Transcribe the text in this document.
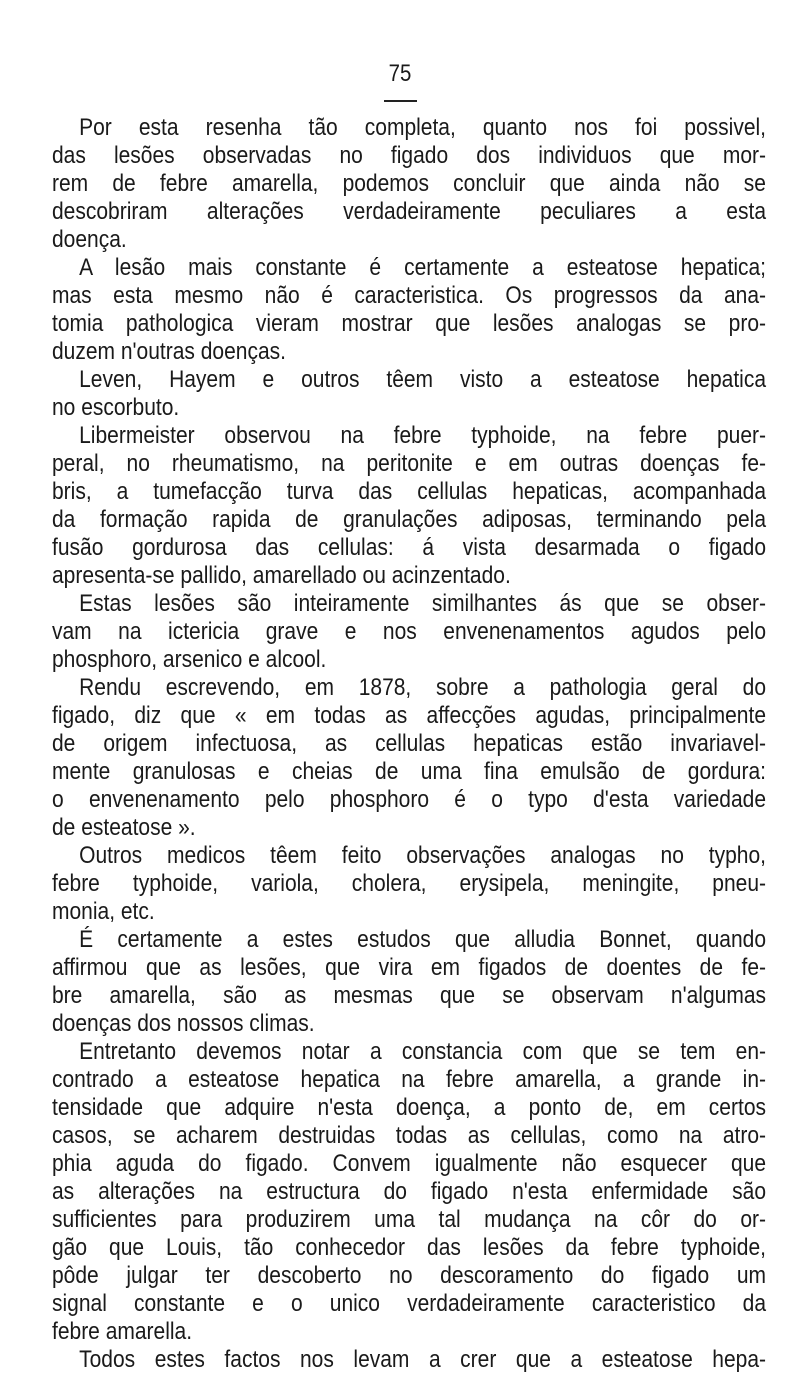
75
Por esta resenha tão completa, quanto nos foi possivel,
das lesões observadas no figado dos individuos que mor-
rem de febre amarella, podemos concluir que ainda não se
descobriram alterações verdadeiramente peculiares a esta
doença.
A lesão mais constante é certamente a esteatose hepatica;
mas esta mesmo não é caracteristica. Os progressos da ana-
tomia pathologica vieram mostrar que lesões analogas se pro-
duzem n'outras doenças.
Leven, Hayem e outros têem visto a esteatose hepatica
no escorbuto.
Libermeister observou na febre typhoide, na febre puer-
peral, no rheumatismo, na peritonite e em outras doenças fe-
bris, a tumefacção turva das cellulas hepaticas, acompanhada
da formação rapida de granulações adiposas, terminando pela
fusão gordurosa das cellulas: á vista desarmada o figado
apresenta-se pallido, amarellado ou acinzentado.
Estas lesões são inteiramente similhantes ás que se obser-
vam na ictericia grave e nos envenenamentos agudos pelo
phosphoro, arsenico e alcool.
Rendu escrevendo, em 1878, sobre a pathologia geral do
figado, diz que « em todas as affecções agudas, principalmente
de origem infectuosa, as cellulas hepaticas estão invariavel-
mente granulosas e cheias de uma fina emulsão de gordura:
o envenenamento pelo phosphoro é o typo d'esta variedade
de esteatose ».
Outros medicos têem feito observações analogas no typho,
febre typhoide, variola, cholera, erysipela, meningite, pneu-
monia, etc.
É certamente a estes estudos que alludia Bonnet, quando
affirmou que as lesões, que vira em figados de doentes de fe-
bre amarella, são as mesmas que se observam n'algumas
doenças dos nossos climas.
Entretanto devemos notar a constancia com que se tem en-
contrado a esteatose hepatica na febre amarella, a grande in-
tensidade que adquire n'esta doença, a ponto de, em certos
casos, se acharem destruidas todas as cellulas, como na atro-
phia aguda do figado. Convem igualmente não esquecer que
as alterações na estructura do figado n'esta enfermidade são
sufficientes para produzirem uma tal mudança na côr do or-
gão que Louis, tão conhecedor das lesões da febre typhoide,
pôde julgar ter descoberto no descoramento do figado um
signal constante e o unico verdadeiramente caracteristico da
febre amarella.
Todos estes factos nos levam a crer que a esteatose hepa-
